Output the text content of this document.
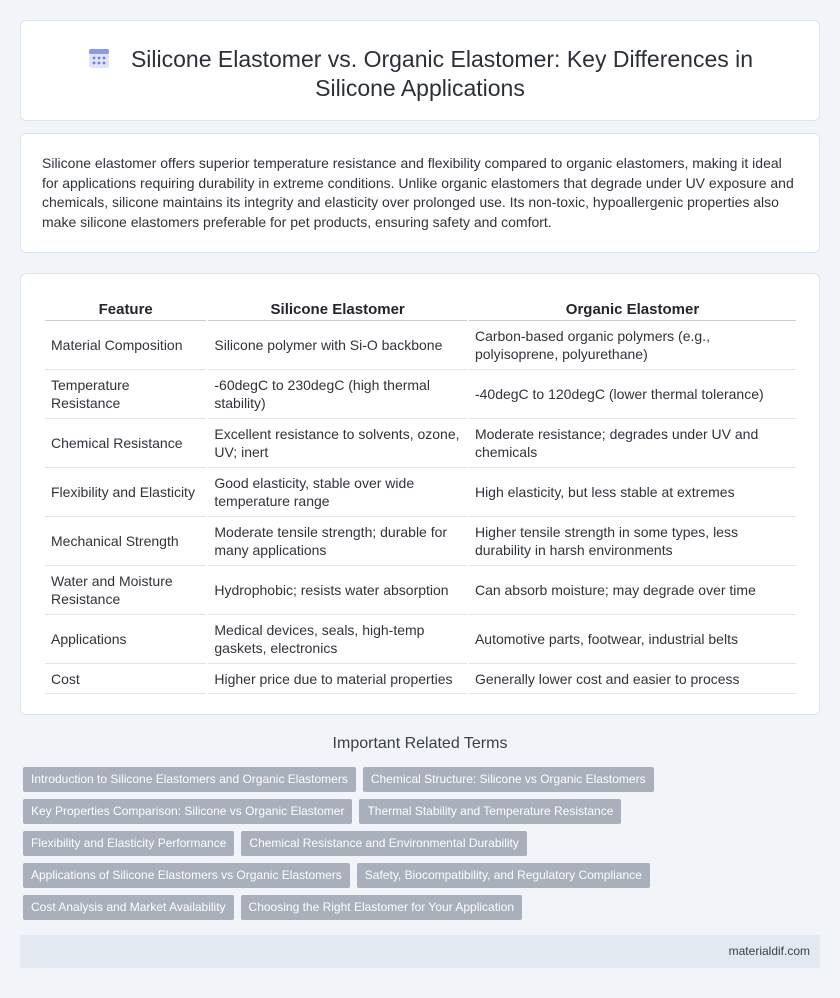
Silicone Elastomer vs. Organic Elastomer: Key Differences in Silicone Applications

Silicone elastomer offers superior temperature resistance and flexibility compared to organic elastomers, making it ideal for applications requiring durability in extreme conditions. Unlike organic elastomers that degrade under UV exposure and chemicals, silicone maintains its integrity and elasticity over prolonged use. Its non-toxic, hypoallergenic properties also make silicone elastomers preferable for pet products, ensuring safety and comfort.

Feature	Silicone Elastomer	Organic Elastomer
Material Composition	Silicone polymer with Si-O backbone	Carbon-based organic polymers (e.g., polyisoprene, polyurethane)
Temperature Resistance	-60degC to 230degC (high thermal stability)	-40degC to 120degC (lower thermal tolerance)
Chemical Resistance	Excellent resistance to solvents, ozone, UV; inert	Moderate resistance; degrades under UV and chemicals
Flexibility and Elasticity	Good elasticity, stable over wide temperature range	High elasticity, but less stable at extremes
Mechanical Strength	Moderate tensile strength; durable for many applications	Higher tensile strength in some types, less durability in harsh environments
Water and Moisture Resistance	Hydrophobic; resists water absorption	Can absorb moisture; may degrade over time
Applications	Medical devices, seals, high-temp gaskets, electronics	Automotive parts, footwear, industrial belts
Cost	Higher price due to material properties	Generally lower cost and easier to process
Important Related Terms
Introduction to Silicone Elastomers and Organic Elastomers	Chemical Structure: Silicone vs Organic Elastomers
Key Properties Comparison: Silicone vs Organic Elastomer	Thermal Stability and Temperature Resistance
Flexibility and Elasticity Performance	Chemical Resistance and Environmental Durability
Applications of Silicone Elastomers vs Organic Elastomers	Safety, Biocompatibility, and Regulatory Compliance
Cost Analysis and Market Availability	Choosing the Right Elastomer for Your Application
materialdif.com
